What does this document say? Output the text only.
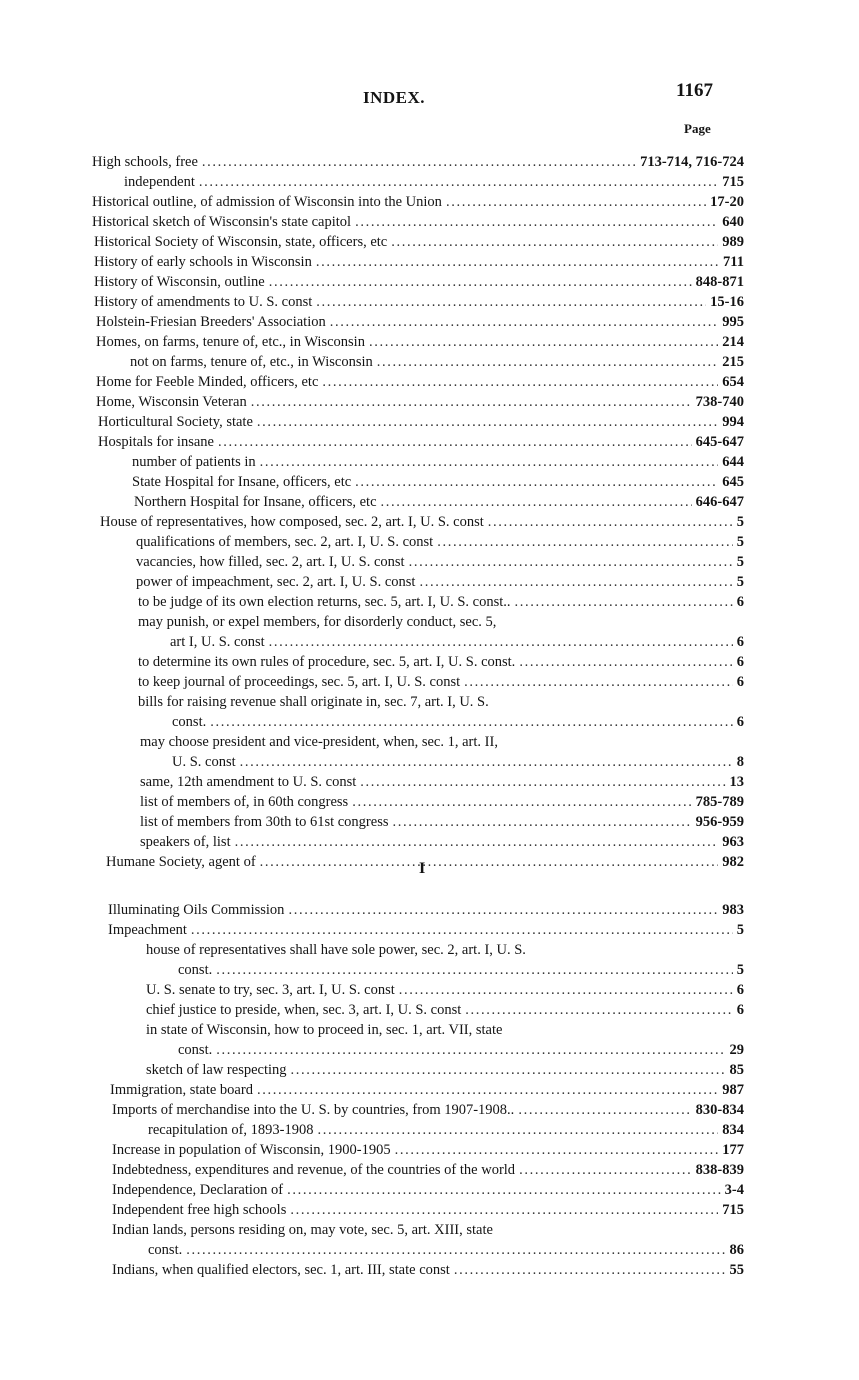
INDEX.	1167
Page
I
High schools, free . . .	713-714, 716-724
independent . . .	715
Historical outline, of admission of Wisconsin into the Union . . .	17-20
Historical sketch of Wisconsin's state capitol . . .	640
Historical Society of Wisconsin, state, officers, etc . . .	989
History of early schools in Wisconsin . . .	711
History of Wisconsin, outline . . .	848-871
History of amendments to U. S. const . . .	15-16
Holstein-Friesian Breeders' Association . . .	995
Homes, on farms, tenure of, etc., in Wisconsin . . .	214
not on farms, tenure of, etc., in Wisconsin . . .	215
Home for Feeble Minded, officers, etc . . .	654
Home, Wisconsin Veteran . . .	738-740
Horticultural Society, state . . .	994
Hospitals for insane . . .	645-647
number of patients in . . .	644
State Hospital for Insane, officers, etc . . .	645
Northern Hospital for Insane, officers, etc . . .	646-647
House of representatives, how composed, sec. 2, art. I, U. S. const . . .	5
qualifications of members, sec. 2, art. I, U. S. const . . .	5
vacancies, how filled, sec. 2, art. I, U. S. const . . .	5
power of impeachment, sec. 2, art. I, U. S. const . . .	5
to be judge of its own election returns, sec. 5, art. I, U. S. const.. . . .	6
may punish, or expel members, for disorderly conduct, sec. 5,
art I, U. S. const . . .	6
to determine its own rules of procedure, sec. 5, art. I, U. S. const. . . .	6
to keep journal of proceedings, sec. 5, art. I, U. S. const . . .	6
bills for raising revenue shall originate in, sec. 7, art. I, U. S.
const. . . .	6
may choose president and vice-president, when, sec. 1, art. II,
U. S. const . . .	8
same, 12th amendment to U. S. const . . .	13
list of members of, in 60th congress . . .	785-789
list of members from 30th to 61st congress . . .	956-959
speakers of, list . . .	963
Humane Society, agent of . . .	982
Illuminating Oils Commission . . .	983
Impeachment . . .	5
house of representatives shall have sole power, sec. 2, art. I, U. S.
const. . . .	5
U. S. senate to try, sec. 3, art. I, U. S. const . . .	6
chief justice to preside, when, sec. 3, art. I, U. S. const . . .	6
in state of Wisconsin, how to proceed in, sec. 1, art. VII, state
const. . . .	29
sketch of law respecting . . .	85
Immigration, state board . . .	987
Imports of merchandise into the U. S. by countries, from 1907-1908.. . . .	830-834
recapitulation of, 1893-1908 . . .	834
Increase in population of Wisconsin, 1900-1905 . . .	177
Indebtedness, expenditures and revenue, of the countries of the world . . .	838-839
Independence, Declaration of . . .	3-4
Independent free high schools . . .	715
Indian lands, persons residing on, may vote, sec. 5, art. XIII, state
const. . . .	86
Indians, when qualified electors, sec. 1, art. III, state const . . .	55
